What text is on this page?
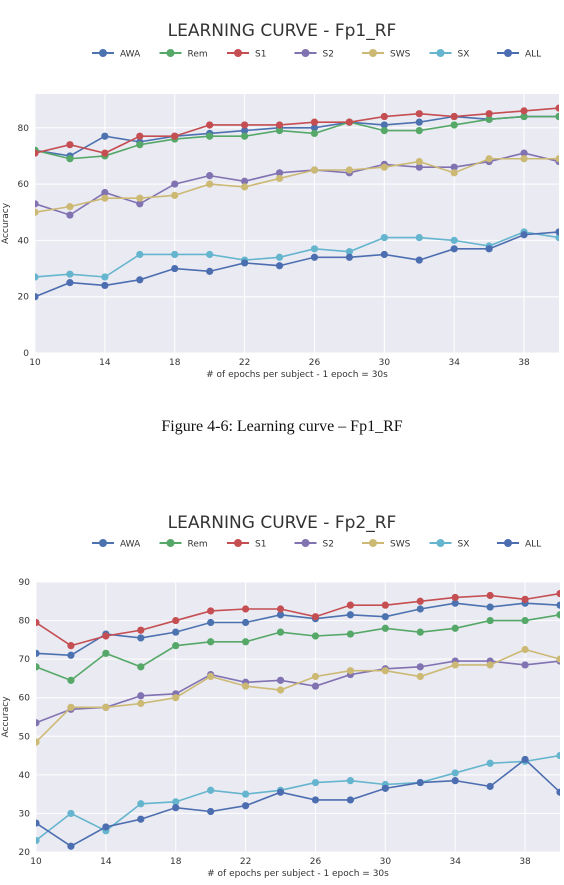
LEARNING CURVE - Fp1_RF
AWA	Rem	S1	S2	SWS	SX	ALL
0
20
40
60
80
10	14	18	22	26	30	34	38
# of epochs per subject - 1 epoch = 30s
Accuracy
Figure 4-6: Learning curve – Fp1_RF
LEARNING CURVE - Fp2_RF
AWA	Rem	S1	S2	SWS	SX	ALL
20
30
40
50
60
70
80
90
10	14	18	22	26	30	34	38
# of epochs per subject - 1 epoch = 30s
Accuracy
